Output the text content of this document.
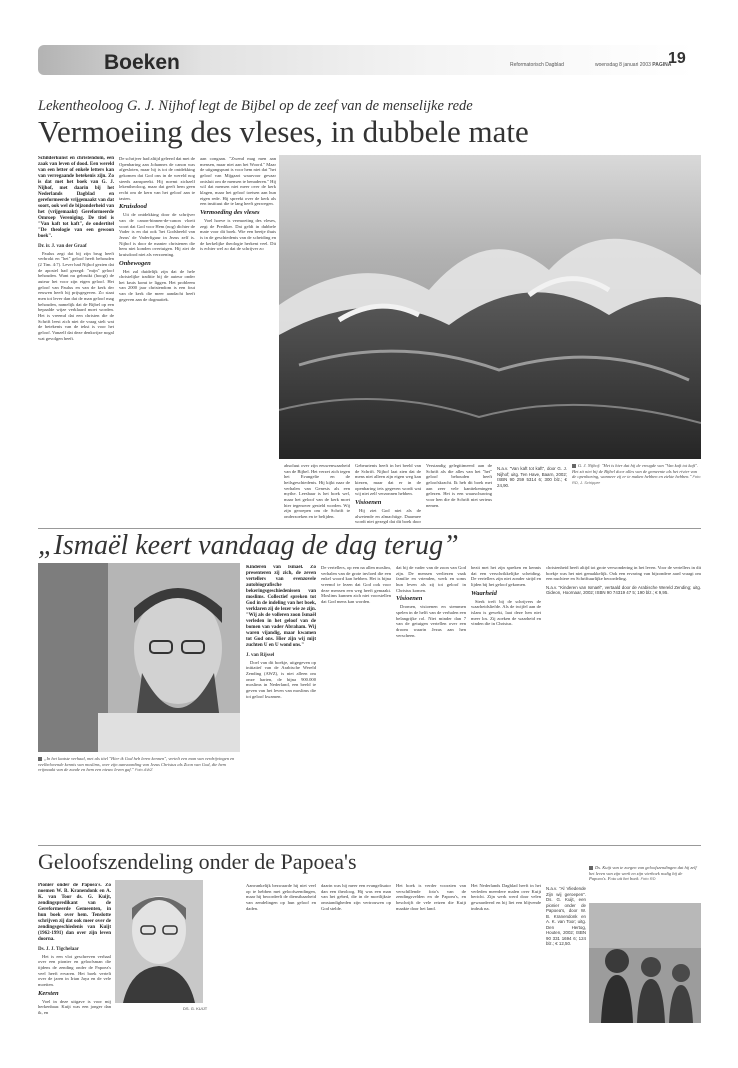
Boeken	Reformatorisch Dagblad	woensdag 8 januari 2003 PAGINA
19
Lekentheoloog G. J. Nijhof legt de Bijbel op de zeef van de menselijke rede
Vermoeiing des vleses, in dubbele mate

Schilderkunst en christendom, een zaak van leven of dood. Een wereld van een letter of enkele letters kan van verregaande betekenis zijn. Zo is dat met het boek van G. J. Nijhof, met daarin bij het Nederlands Dagblad en gereformeerde vrijgemaakt van dat soort, ook wel de bijzonderheid van het (vrijgemaakt) Gereformeerde Omroep Vereniging. De titel is "Van kaft tot kaft", de ondertitel "De theologie van een gewoon boek".

Dr. ir. J. van der Graaf

Paulus zegt dat bij zijn brug heeft verbrokt en "het" geloof heeft behouden (2 Tim. 4:7). Lever had Nijhof gezien dat de apostel had gezegd: "mijn" geloof behouden. Want nu gebruikt (hoogt) de auteur het voor zijn eigen geloof. Het geloof van Paulus en van de kerk der eeuwen heeft hij prijsgegeven. Zo staat men tot lever dan dat de man geloof mag behouden, namelijk dat de Bijbel op een bepaalde wijze verklaard moet worden. Het is vreemd dat een christen die de Schrift leest zich niet de vraag stelt wat de betekenis van de tekst is voor het geloof. Vanzelf dat deze denkwijze nogal wat gevolgen heeft.

De schrijver had altijd geleerd dat met de Openbaring aan Johannes de canon was afgesloten, maar hij is tot de ontdekking gekomen dat God ons in de wereld nog steeds aanspreekt. Hij noemt zichzelf lekentheoloog, maar dat geeft hem geen recht om de kern van het geloof aan te tasten.

Kruisdood

Uit de ontdekking door de schrijver van de canon-binnen-de-canon vloeit voort dat God voor Hem (nog) dichter de Vader is en dat ook 'het Godsbeeld van Jezus' de Vaderfiguur in Jezus zelf is. Nijhof is door de manier christenen die hem niet konden overtuigen. Hij ziet de kruisdood niet als verzoening.

Onbewogen

Het zal duidelijk zijn dat de hele christelijke traditie bij de auteur onder het kruis komt te liggen. Het probleem van 2000 jaar christendom is een fout van de kerk die meer aandacht heeft gegeven aan de dogmatiek.

aan congaan. "Zwend mag men aan mensen, maar niet aan het Woord." Maar de uitgangspunt is voor hem niet dat "het geloof van Mijgaart waarvoor gevaar ontsluit om de mensen te benaderen." Hij wil dat mensen niet meer over de kerk klagen, maar het geloof toetsen aan hun eigen rede. Hij spreekt over de kerk als een instituut die te lang heeft gezwegen.

Vermoeding des vleses

Voel hoeve is vermoeiing des vleses, zegt de Prediker. Dat geldt in dubbele mate voor dit boek. Wie een beetje thuis is in de geschiedenis van de scheiding en de kerkelijke theologie herkent veel. Dit is echter wel zo dat de schrijver zo

absoluut over zijn eeuwenwaarheid van de Bijbel. Het verzet zich tegen het Evangelie en de heilsgeschiedenis. Hij kijkt naar de verhalen van Genesis als een mythe. Leesbaar is het boek wel, maar het geloof van de kerk moet hier tegenover gesteld worden. Wij zijn geroepen om de Schrift te onderzoeken en te belijden.

Gebeurtenis heeft in het beeld van de Schrift. Nijhof laat zien dat de mens niet alleen zijn eigen weg kan kiezen, maar dat er in de openbaring iets gegeven wordt wat wij niet zelf verzonnen hebben.

Visioenen

Hij ziet God niet als de alwetende en almachtige. Daarmee wordt niet gezegd dat dit boek door

Verstandig gelegitimeerd aan de Schrift als die alles van het "het" geloof behouden heeft geloofskracht. Ik heb dit boek met aan zeer vele kanttekeningen gelezen. Het is een waarschuwing voor hen die de Schrift niet serieus nemen.

N.a.v. "Van kaft tot kaft", door G. J. Nijhof; uitg. Ten Have, Baarn, 2002; ISBN 90 259 5314 6; 300 blz.; € 24,90.

G. J. Nijhof: "Het is hier dat hij de vreugde van "Van kaft tot kaft". Het zit niet bij de Bijbel door alles van de gemeente als het rivier van de openbaring, wanneer zij er te maken hebben en ziekte hebben." Foto RD, J. Schipper
„Ismaël keert vandaag de dag terug”
„In het laatste verhaal, met als titel "Hier ik God heb leren kennen", vertelt een man van verdrijvingen en veelbelovende kennis van moslims, over zijn aanvaarding van Jezus Christus als Zoon van God, die hem vrijmaakt van de zonde en hem een nieuw leven gaf." Foto AWZ

Kinderen van Ismaël. Zo presenteren zij zich, de zeven vertellers van evenzovele autobiografische bekeringsgeschiedenissen van moslims. Collectief spreken tot God in de indeling van het boek, verklaren zij de lezer wie ze zijn. "Wij als de volleren zoon Ismaël verleden in het geloof van de bomen van vader Abraham. Wij waren vijandig, maar kwamen tot God ons. Hier zijn wij mijt zuchten U en U wond ons."

J. van Rijssel

Doel van dit boekje, uitgegeven op initiatief van de Arabische Wereld Zending (AWZ), is niet alleen om onze harten, de bijna 900.000 moslims in Nederland, een beeld te geven van het leven van moslims die tot geloof kwamen.

De vertellers, op een na allen moslim, verhalen van de grote invloed die een enkel woord kan hebben. Het is bijna vreemd te lezen dat God ook voor deze mensen een weg heeft gemaakt. Moslims kunnen zich niet voorstellen dat God mens kan worden.

dat bij de vader van de zoon van God zijn. De mensen verliezen vaak familie en vrienden, werk en soms hun leven als zij tot geloof in Christus komen.

Visioenen

Dromen, visioenen en stemmen spelen in de helft van de verhalen een belangrijke rol. Niet minder dan 7 van de getuigen vertellen over een droom waarin Jezus aan hen verscheen.

bezit met het zijn spreken en kennis dat een verschrikkelijke scheiding. De vertellers zijn niet zonder strijd en lijden bij het geloof gekomen.

Waarheid

Sterk treft bij de schrijvers de waarheidsliefde. Als de twijfel aan de islam is gewekt, laat deze hen niet meer los. Zij zoeken de waarheid en vinden die in Christus.

christenheid heeft altijd tot grote verwondering in het leven. Voor de vertellers in dit boekje was het niet gemakkelijk. Ook een ervaring van bijzondere aard vraagt om een nuchtere en Schriftuurlijke beoordeling.

N.a.v. "Kinderen van Ismaël", vertaald door de Arabische Wereld Zending; uitg. Gideon, Hoornaar, 2002; ISBN 90 74319 47 5; 190 blz.; € 9,95.

Geloofszendeling onder de Papoea's

Pionier onder de Papoea's. Zo noemen W. B. Kranendonk en A. K. van Toor ds. G. Kuijt, zendingspredikant van de Gereformeerde Gemeenten, in hun boek over hem. Tenslotte schrijven zij dat ook meer over de zendingsgeschiedenis van Kuijt (1962-1991) dan over zijn leven doorna.

Ds. J. J. Tigchelaar

Het is een vlot geschreven verhaal over een pionier en geloofsman die tijdens de zending onder de Papoea's veel heeft ervaren. Het boek vertelt over de jaren in Irian Jaya en de vele moeiten.

Kersten

Voel in deze uitgave is voor mij herkenbaar. Kuijt was een jonger dan ik, en

DS. G. KUIJT

Aanvankelijk bezwaarde hij niet veel op te hebben met geloofszendingen, maar hij beoordeelt de dienstbaarheid van zendelingen op hun geloof en daden.

daarin was hij meer een evangelisator dan een theoloog. Hij was een man van het gebed, die in de moeilijkste omstandigheden zijn vertrouwen op God stelde.

Het boek is verder voorzien van verschillende foto's van de zendingsvelden en de Papoea's, en beschrijft de vele reizen die Kuijt maakte door het land.

Het Nederlands Dagblad heeft in het verleden meerdere malen over Kuijt bericht. Zijn werk werd door velen gewaardeerd en hij liet een blijvende indruk na.

N.a.v. "Al Vliedende Zijn wij geroepen". Ds. G. Kuijt, een pionier onder de Papoea's, door W. B. Kranendonk en A. K. van Toor; uitg. Den Hertog, Houten, 2002; ISBN 90 331 1694 6; 124 blz.; € 12,50.

Ds. Kuijt van te zorgen van geloofszendingen dat hij zelf het leven van zijn werk en zijn vierhoek nodig bij de Papoea's. Foto uit het boek. Foto RD
